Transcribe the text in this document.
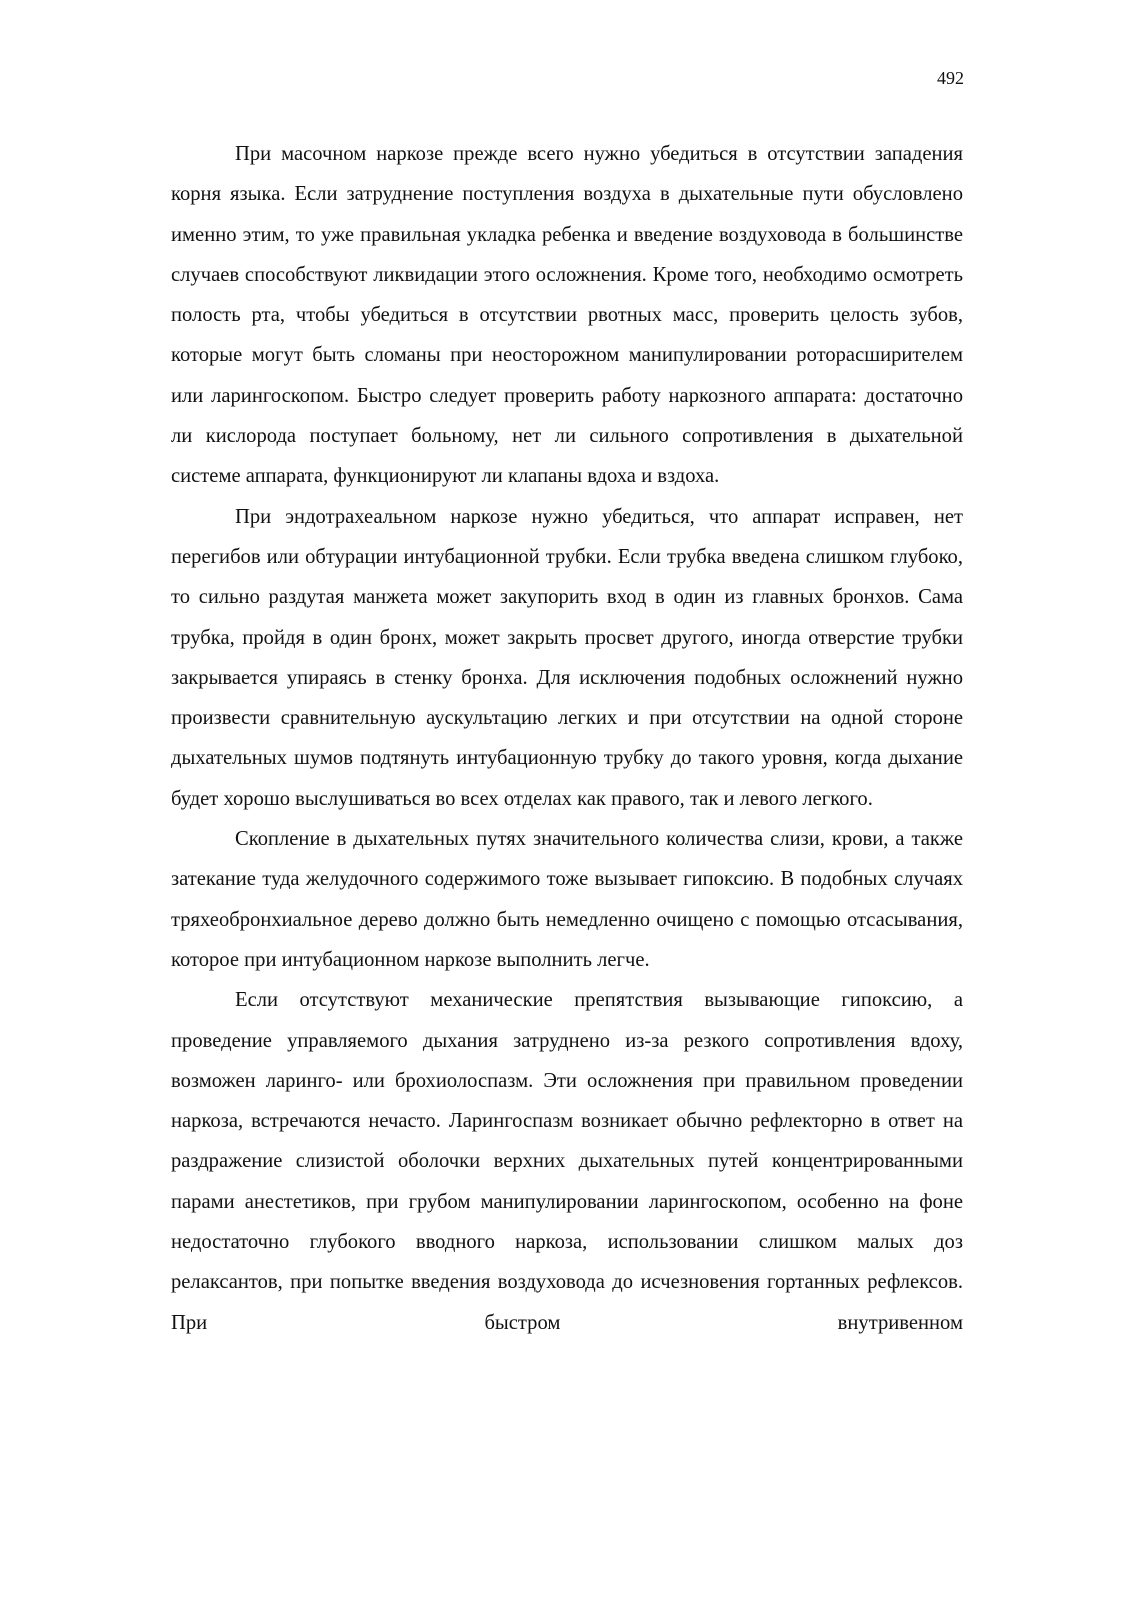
492

При масочном наркозе прежде всего нужно убедиться в отсутствии западения корня языка. Если затруднение поступления воздуха в дыхательные пути обусловлено именно этим, то уже правильная укладка ребенка и введение воздуховода в большинстве случаев способствуют ликвидации этого осложнения. Кроме того, необходимо осмотреть полость рта, чтобы убедиться в отсутствии рвотных масс, проверить целость зубов, которые могут быть сломаны при неосторожном манипулировании роторасширителем или ларингоскопом. Быстро следует проверить работу наркозного аппарата: достаточно ли кислорода поступает больному, нет ли сильного сопротивления в дыхательной системе аппарата, функционируют ли клапаны вдоха и вздоха.

При эндотрахеальном наркозе нужно убедиться, что аппарат исправен, нет перегибов или обтурации интубационной трубки. Если трубка введена слишком глубоко, то сильно раздутая манжета может закупорить вход в один из главных бронхов. Сама трубка, пройдя в один бронх, может закрыть просвет другого, иногда отверстие трубки закрывается упираясь в стенку бронха. Для исключения подобных осложнений нужно произвести сравнительную аускультацию легких и при отсутствии на одной стороне дыхательных шумов подтянуть интубационную трубку до такого уровня, когда дыхание будет хорошо выслушиваться во всех отделах как правого, так и левого легкого.

Скопление в дыхательных путях значительного количества слизи, крови, а также затекание туда желудочного содержимого тоже вызывает гипоксию. В подобных случаях тряхеобронхиальное дерево должно быть немедленно очищено с помощью отсасывания, которое при интубационном наркозе выполнить легче.

Если отсутствуют механические препятствия вызывающие гипоксию, а проведение управляемого дыхания затруднено из-за резкого сопротивления вдоху, возможен ларинго- или брохиолоспазм. Эти осложнения при правильном проведении наркоза, встречаются нечасто. Ларингоспазм возникает обычно рефлекторно в ответ на раздражение слизистой оболочки верхних дыхательных путей концентрированными парами анестетиков, при грубом манипулировании ларингоскопом, особенно на фоне недостаточно глубокого вводного наркоза, использовании слишком малых доз релаксантов, при попытке введения воздуховода до исчезновения гортанных рефлексов. При быстром внутривенном
